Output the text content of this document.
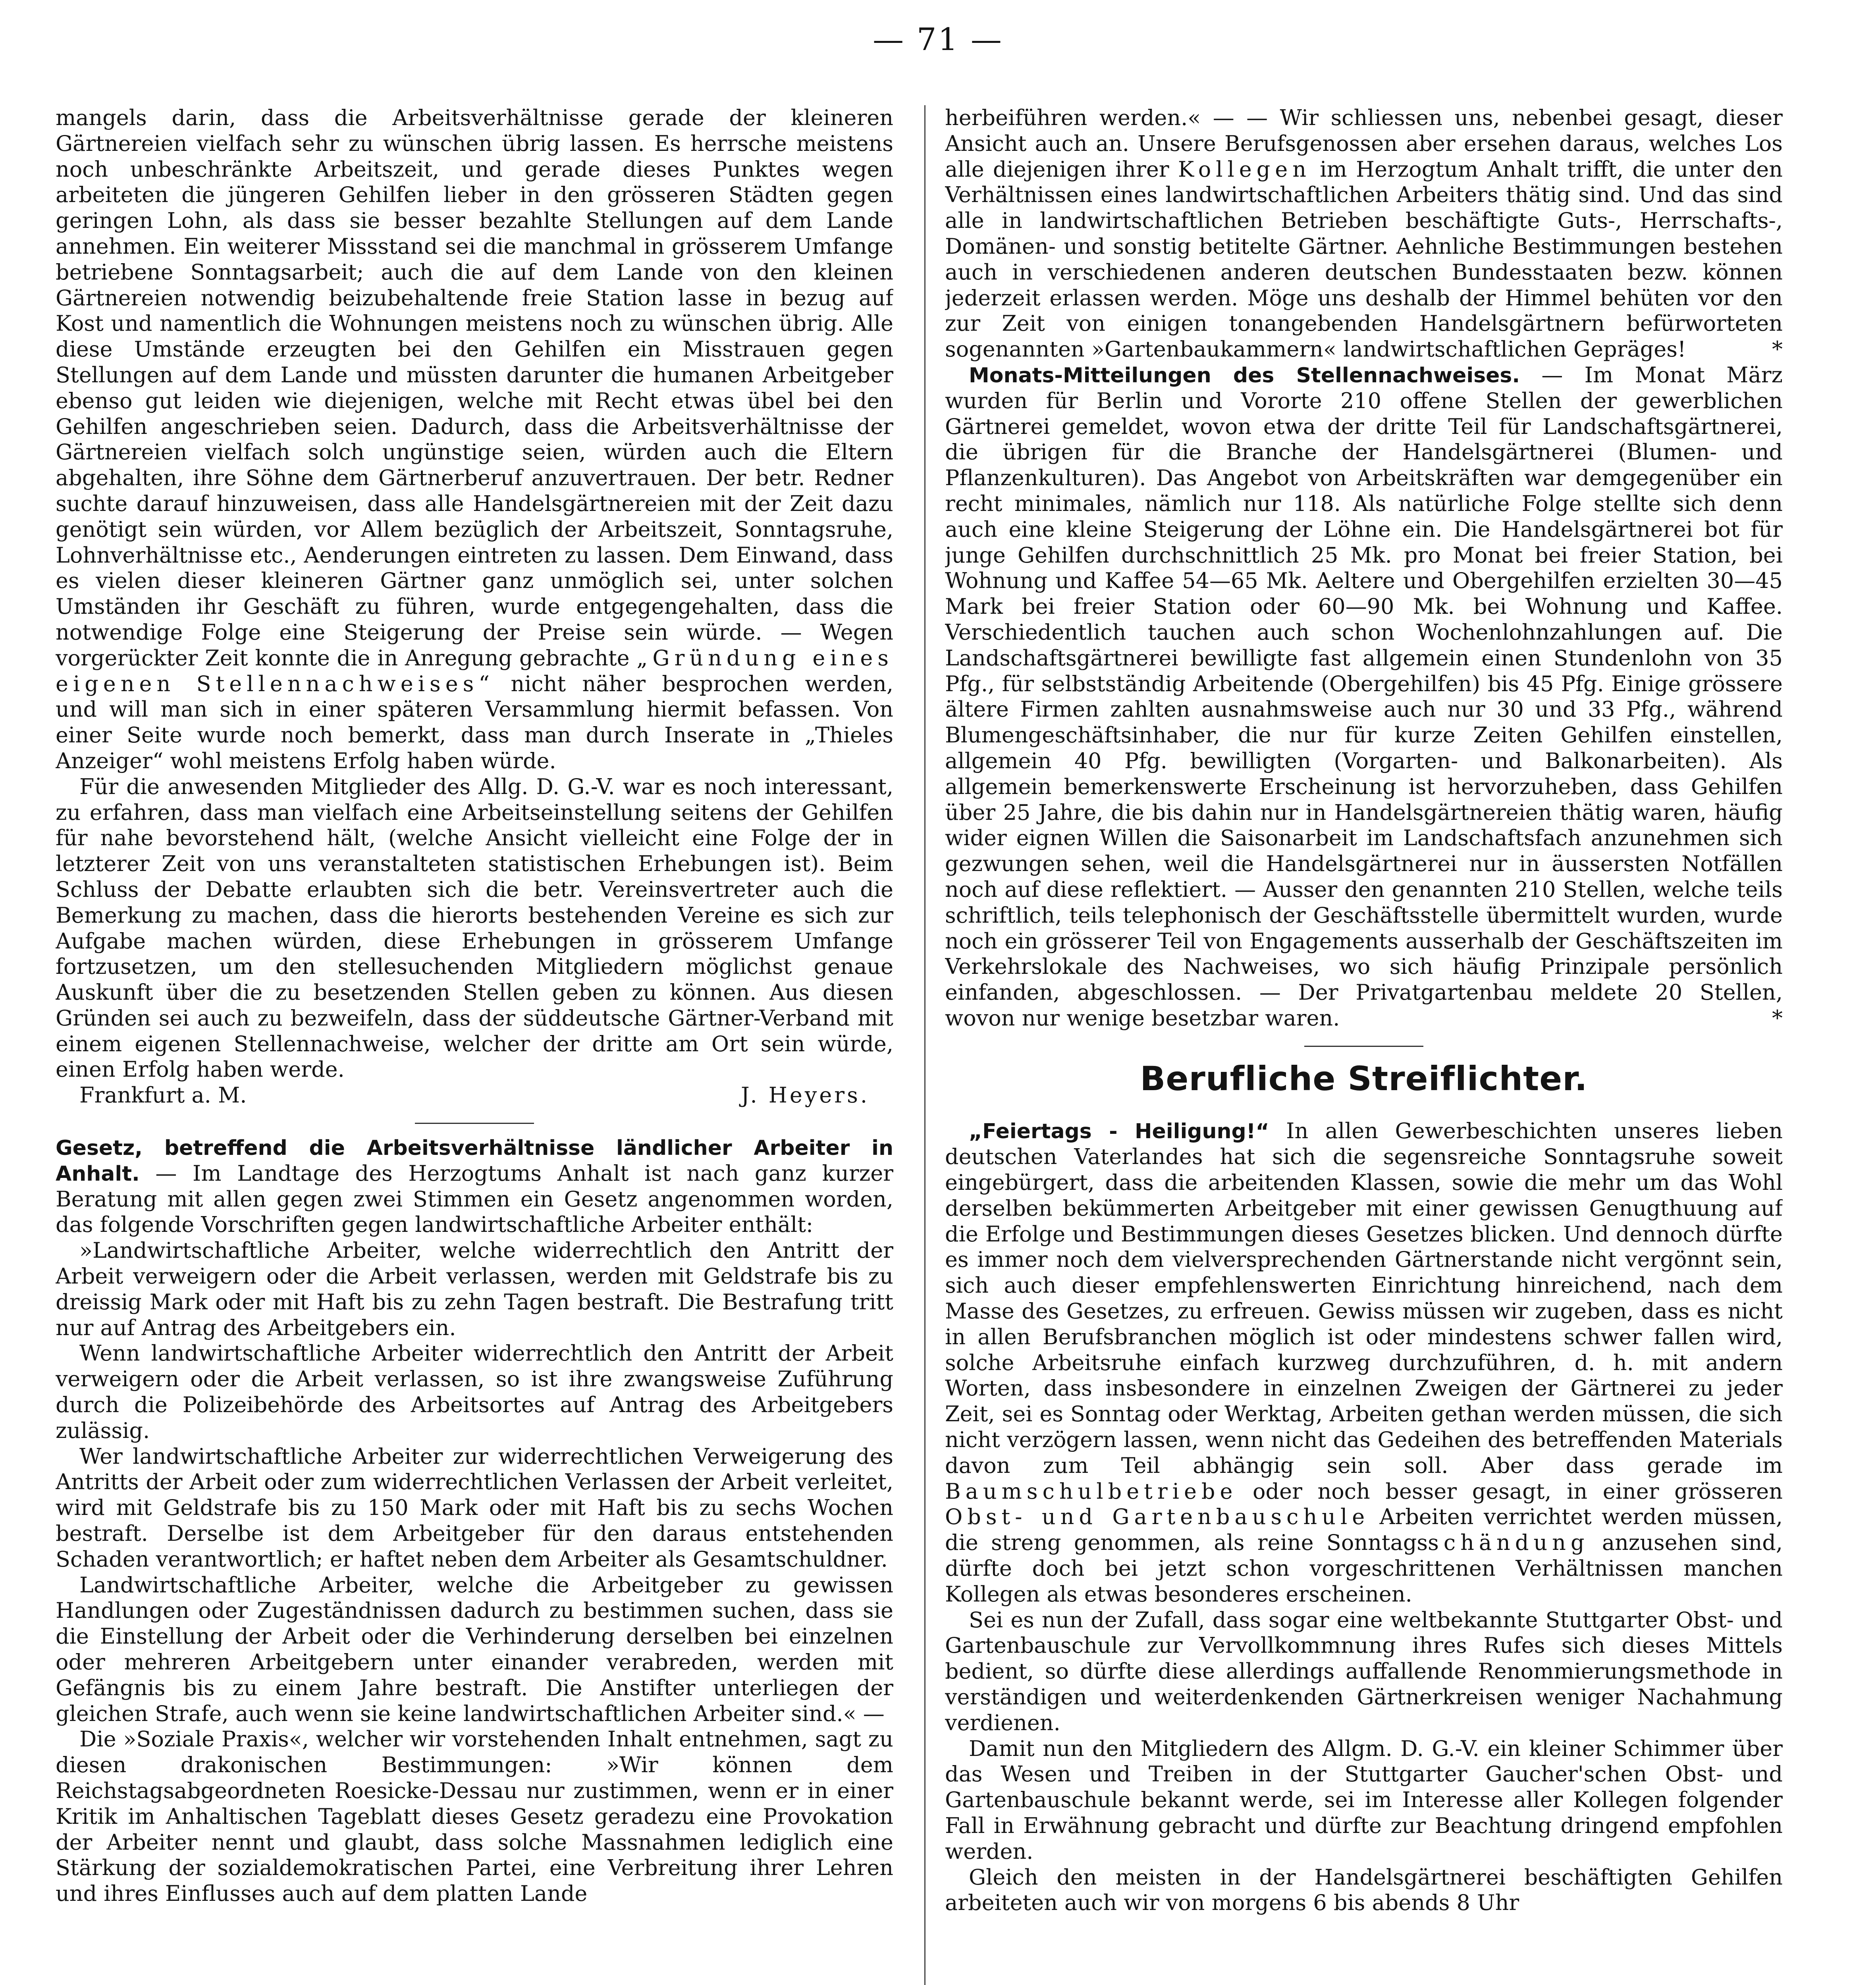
— 71 —

mangels darin, dass die Arbeitsverhältnisse gerade der kleineren Gärtnereien vielfach sehr zu wünschen übrig lassen. Es herrsche meistens noch unbeschränkte Arbeitszeit, und gerade dieses Punktes wegen arbeiteten die jüngeren Gehilfen lieber in den grösseren Städten gegen geringen Lohn, als dass sie besser bezahlte Stellungen auf dem Lande annehmen. Ein weiterer Missstand sei die manchmal in grösserem Umfange betriebene Sonntagsarbeit; auch die auf dem Lande von den kleinen Gärtnereien notwendig beizubehaltende freie Station lasse in bezug auf Kost und namentlich die Wohnungen meistens noch zu wünschen übrig. Alle diese Umstände erzeugten bei den Gehilfen ein Misstrauen gegen Stellungen auf dem Lande und müssten darunter die humanen Arbeitgeber ebenso gut leiden wie diejenigen, welche mit Recht etwas übel bei den Gehilfen angeschrieben seien. Dadurch, dass die Arbeitsverhältnisse der Gärtnereien vielfach solch ungünstige seien, würden auch die Eltern abgehalten, ihre Söhne dem Gärtnerberuf anzuvertrauen. Der betr. Redner suchte darauf hinzuweisen, dass alle Handelsgärtnereien mit der Zeit dazu genötigt sein würden, vor Allem bezüglich der Arbeitszeit, Sonntagsruhe, Lohnverhältnisse etc., Aenderungen eintreten zu lassen. Dem Einwand, dass es vielen dieser kleineren Gärtner ganz unmöglich sei, unter solchen Umständen ihr Geschäft zu führen, wurde entgegengehalten, dass die notwendige Folge eine Steigerung der Preise sein würde. — Wegen vorgerückter Zeit konnte die in Anregung gebrachte „Gründung eines eigenen Stellennachweises“ nicht näher besprochen werden, und will man sich in einer späteren Versammlung hiermit befassen. Von einer Seite wurde noch bemerkt, dass man durch Inserate in „Thieles Anzeiger“ wohl meistens Erfolg haben würde.

Für die anwesenden Mitglieder des Allg. D. G.-V. war es noch interessant, zu erfahren, dass man vielfach eine Arbeitseinstellung seitens der Gehilfen für nahe bevorstehend hält, (welche Ansicht vielleicht eine Folge der in letzterer Zeit von uns veranstalteten statistischen Erhebungen ist). Beim Schluss der Debatte erlaubten sich die betr. Vereinsvertreter auch die Bemerkung zu machen, dass die hierorts bestehenden Vereine es sich zur Aufgabe machen würden, diese Erhebungen in grösserem Umfange fortzusetzen, um den stellesuchenden Mitgliedern möglichst genaue Auskunft über die zu besetzenden Stellen geben zu können. Aus diesen Gründen sei auch zu bezweifeln, dass der süddeutsche Gärtner-Verband mit einem eigenen Stellennachweise, welcher der dritte am Ort sein würde, einen Erfolg haben werde.

Frankfurt a. M.	J. Heyers.

Gesetz, betreffend die Arbeitsverhältnisse ländlicher Arbeiter in Anhalt. — Im Landtage des Herzogtums Anhalt ist nach ganz kurzer Beratung mit allen gegen zwei Stimmen ein Gesetz angenommen worden, das folgende Vorschriften gegen landwirtschaftliche Arbeiter enthält:

»Landwirtschaftliche Arbeiter, welche widerrechtlich den Antritt der Arbeit verweigern oder die Arbeit verlassen, werden mit Geldstrafe bis zu dreissig Mark oder mit Haft bis zu zehn Tagen bestraft. Die Bestrafung tritt nur auf Antrag des Arbeitgebers ein.

Wenn landwirtschaftliche Arbeiter widerrechtlich den Antritt der Arbeit verweigern oder die Arbeit verlassen, so ist ihre zwangsweise Zuführung durch die Polizeibehörde des Arbeitsortes auf Antrag des Arbeitgebers zulässig.

Wer landwirtschaftliche Arbeiter zur widerrechtlichen Verweigerung des Antritts der Arbeit oder zum widerrechtlichen Verlassen der Arbeit verleitet, wird mit Geldstrafe bis zu 150 Mark oder mit Haft bis zu sechs Wochen bestraft. Derselbe ist dem Arbeitgeber für den daraus entstehenden Schaden verantwortlich; er haftet neben dem Arbeiter als Gesamtschuldner.

Landwirtschaftliche Arbeiter, welche die Arbeitgeber zu gewissen Handlungen oder Zugeständnissen dadurch zu bestimmen suchen, dass sie die Einstellung der Arbeit oder die Verhinderung derselben bei einzelnen oder mehreren Arbeitgebern unter einander verabreden, werden mit Gefängnis bis zu einem Jahre bestraft. Die Anstifter unterliegen der gleichen Strafe, auch wenn sie keine landwirtschaftlichen Arbeiter sind.« —

Die »Soziale Praxis«, welcher wir vorstehenden Inhalt entnehmen, sagt zu diesen drakonischen Bestimmungen: »Wir können dem Reichstagsabgeordneten Roesicke-Dessau nur zustimmen, wenn er in einer Kritik im Anhaltischen Tageblatt dieses Gesetz geradezu eine Provokation der Arbeiter nennt und glaubt, dass solche Massnahmen lediglich eine Stärkung der sozialdemokratischen Partei, eine Verbreitung ihrer Lehren und ihres Einflusses auch auf dem platten Lande

herbeiführen werden.« — — Wir schliessen uns, nebenbei gesagt, dieser Ansicht auch an. Unsere Berufsgenossen aber ersehen daraus, welches Los alle diejenigen ihrer Kollegen im Herzogtum Anhalt trifft, die unter den Verhältnissen eines landwirtschaftlichen Arbeiters thätig sind. Und das sind alle in landwirtschaftlichen Betrieben beschäftigte Guts-, Herrschafts-, Domänen- und sonstig betitelte Gärtner. Aehnliche Bestimmungen bestehen auch in verschiedenen anderen deutschen Bundesstaaten bezw. können jederzeit erlassen werden. Möge uns deshalb der Himmel behüten vor den zur Zeit von einigen tonangebenden Handelsgärtnern befürworteten sogenannten »Gartenbaukammern« landwirtschaftlichen Gepräges!	*

Monats-Mitteilungen des Stellennachweises. — Im Monat März wurden für Berlin und Vororte 210 offene Stellen der gewerblichen Gärtnerei gemeldet, wovon etwa der dritte Teil für Landschaftsgärtnerei, die übrigen für die Branche der Handelsgärtnerei (Blumen- und Pflanzenkulturen). Das Angebot von Arbeitskräften war demgegenüber ein recht minimales, nämlich nur 118. Als natürliche Folge stellte sich denn auch eine kleine Steigerung der Löhne ein. Die Handelsgärtnerei bot für junge Gehilfen durchschnittlich 25 Mk. pro Monat bei freier Station, bei Wohnung und Kaffee 54—65 Mk. Aeltere und Obergehilfen erzielten 30—45 Mark bei freier Station oder 60—90 Mk. bei Wohnung und Kaffee. Verschiedentlich tauchen auch schon Wochenlohnzahlungen auf. Die Landschaftsgärtnerei bewilligte fast allgemein einen Stundenlohn von 35 Pfg., für selbstständig Arbeitende (Obergehilfen) bis 45 Pfg. Einige grössere ältere Firmen zahlten ausnahmsweise auch nur 30 und 33 Pfg., während Blumengeschäftsinhaber, die nur für kurze Zeiten Gehilfen einstellen, allgemein 40 Pfg. bewilligten (Vorgarten- und Balkonarbeiten). Als allgemein bemerkenswerte Erscheinung ist hervorzuheben, dass Gehilfen über 25 Jahre, die bis dahin nur in Handelsgärtnereien thätig waren, häufig wider eignen Willen die Saisonarbeit im Landschaftsfach anzunehmen sich gezwungen sehen, weil die Handelsgärtnerei nur in äussersten Notfällen noch auf diese reflektiert. — Ausser den genannten 210 Stellen, welche teils schriftlich, teils telephonisch der Geschäftsstelle übermittelt wurden, wurde noch ein grösserer Teil von Engagements ausserhalb der Geschäftszeiten im Verkehrslokale des Nachweises, wo sich häufig Prinzipale persönlich einfanden, abgeschlossen. — Der Privatgartenbau meldete 20 Stellen, wovon nur wenige besetzbar waren.	*

Berufliche Streiflichter.

„Feiertags - Heiligung!“ In allen Gewerbeschichten unseres lieben deutschen Vaterlandes hat sich die segensreiche Sonntagsruhe soweit eingebürgert, dass die arbeitenden Klassen, sowie die mehr um das Wohl derselben bekümmerten Arbeitgeber mit einer gewissen Genugthuung auf die Erfolge und Bestimmungen dieses Gesetzes blicken. Und dennoch dürfte es immer noch dem vielversprechenden Gärtnerstande nicht vergönnt sein, sich auch dieser empfehlenswerten Einrichtung hinreichend, nach dem Masse des Gesetzes, zu erfreuen. Gewiss müssen wir zugeben, dass es nicht in allen Berufsbranchen möglich ist oder mindestens schwer fallen wird, solche Arbeitsruhe einfach kurzweg durchzuführen, d. h. mit andern Worten, dass insbesondere in einzelnen Zweigen der Gärtnerei zu jeder Zeit, sei es Sonntag oder Werktag, Arbeiten gethan werden müssen, die sich nicht verzögern lassen, wenn nicht das Gedeihen des betreffenden Materials davon zum Teil abhängig sein soll. Aber dass gerade im Baumschulbetriebe oder noch besser gesagt, in einer grösseren Obst- und Gartenbauschule Arbeiten verrichtet werden müssen, die streng genommen, als reine Sonntagsschändung anzusehen sind, dürfte doch bei jetzt schon vorgeschrittenen Verhältnissen manchen Kollegen als etwas besonderes erscheinen.

Sei es nun der Zufall, dass sogar eine weltbekannte Stuttgarter Obst- und Gartenbauschule zur Vervollkommnung ihres Rufes sich dieses Mittels bedient, so dürfte diese allerdings auffallende Renommierungsmethode in verständigen und weiterdenkenden Gärtnerkreisen weniger Nachahmung verdienen.

Damit nun den Mitgliedern des Allgm. D. G.-V. ein kleiner Schimmer über das Wesen und Treiben in der Stuttgarter Gaucher'schen Obst- und Gartenbauschule bekannt werde, sei im Interesse aller Kollegen folgender Fall in Erwähnung gebracht und dürfte zur Beachtung dringend empfohlen werden.

Gleich den meisten in der Handelsgärtnerei beschäftigten Gehilfen arbeiteten auch wir von morgens 6 bis abends 8 Uhr
